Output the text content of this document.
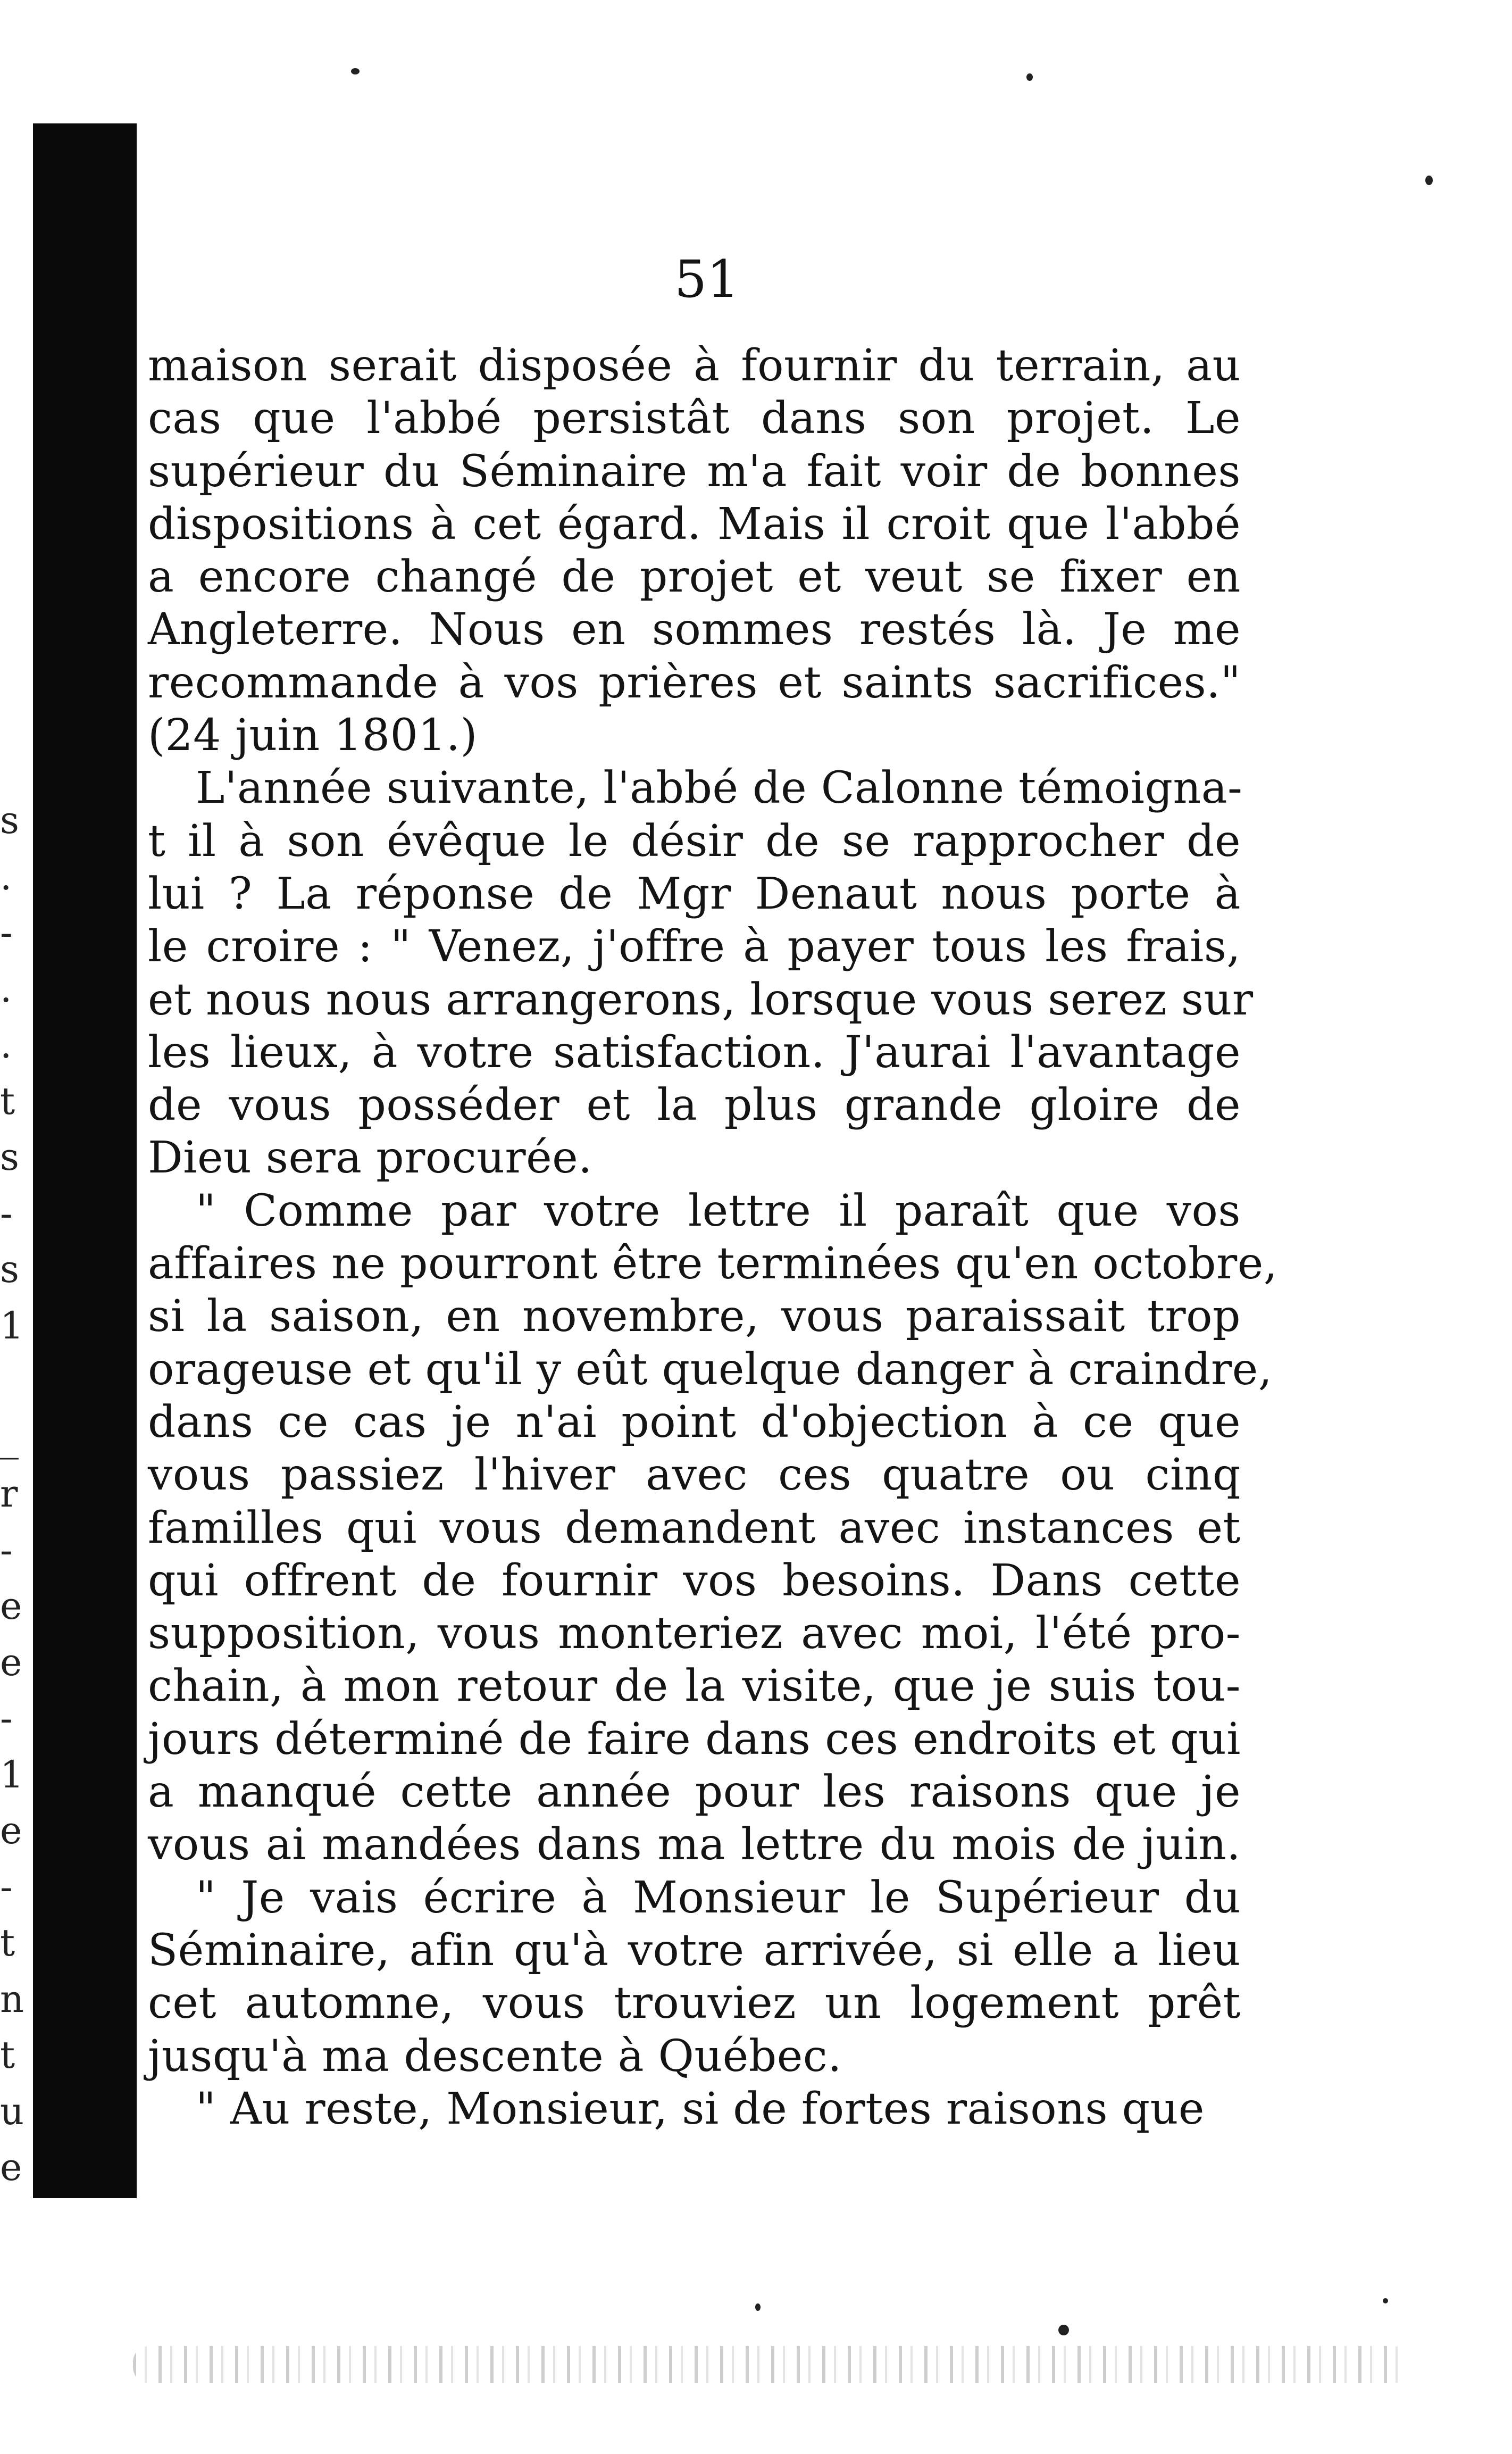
s
.
-
.
.
t
s
-
s
1
_
r
-
e
e
-
1
e
-
t
n
t
u
e
51
maison serait disposée à fournir du terrain, au
cas que l'abbé persistât dans son projet. Le
supérieur du Séminaire m'a fait voir de bonnes
dispositions à cet égard. Mais il croit que l'abbé
a encore changé de projet et veut se fixer en
Angleterre. Nous en sommes restés là. Je me
recommande à vos prières et saints sacrifices."
(24 juin 1801.)
L'année suivante, l'abbé de Calonne témoigna-
t il à son évêque le désir de se rapprocher de
lui ? La réponse de Mgr Denaut nous porte à
le croire : " Venez, j'offre à payer tous les frais,
et nous nous arrangerons, lorsque vous serez sur
les lieux, à votre satisfaction. J'aurai l'avantage
de vous posséder et la plus grande gloire de
Dieu sera procurée.
" Comme par votre lettre il paraît que vos
affaires ne pourront être terminées qu'en octobre,
si la saison, en novembre, vous paraissait trop
orageuse et qu'il y eût quelque danger à craindre,
dans ce cas je n'ai point d'objection à ce que
vous passiez l'hiver avec ces quatre ou cinq
familles qui vous demandent avec instances et
qui offrent de fournir vos besoins. Dans cette
supposition, vous monteriez avec moi, l'été pro-
chain, à mon retour de la visite, que je suis tou-
jours déterminé de faire dans ces endroits et qui
a manqué cette année pour les raisons que je
vous ai mandées dans ma lettre du mois de juin.
" Je vais écrire à Monsieur le Supérieur du
Séminaire, afin qu'à votre arrivée, si elle a lieu
cet automne, vous trouviez un logement prêt
jusqu'à ma descente à Québec.
" Au reste, Monsieur, si de fortes raisons que
